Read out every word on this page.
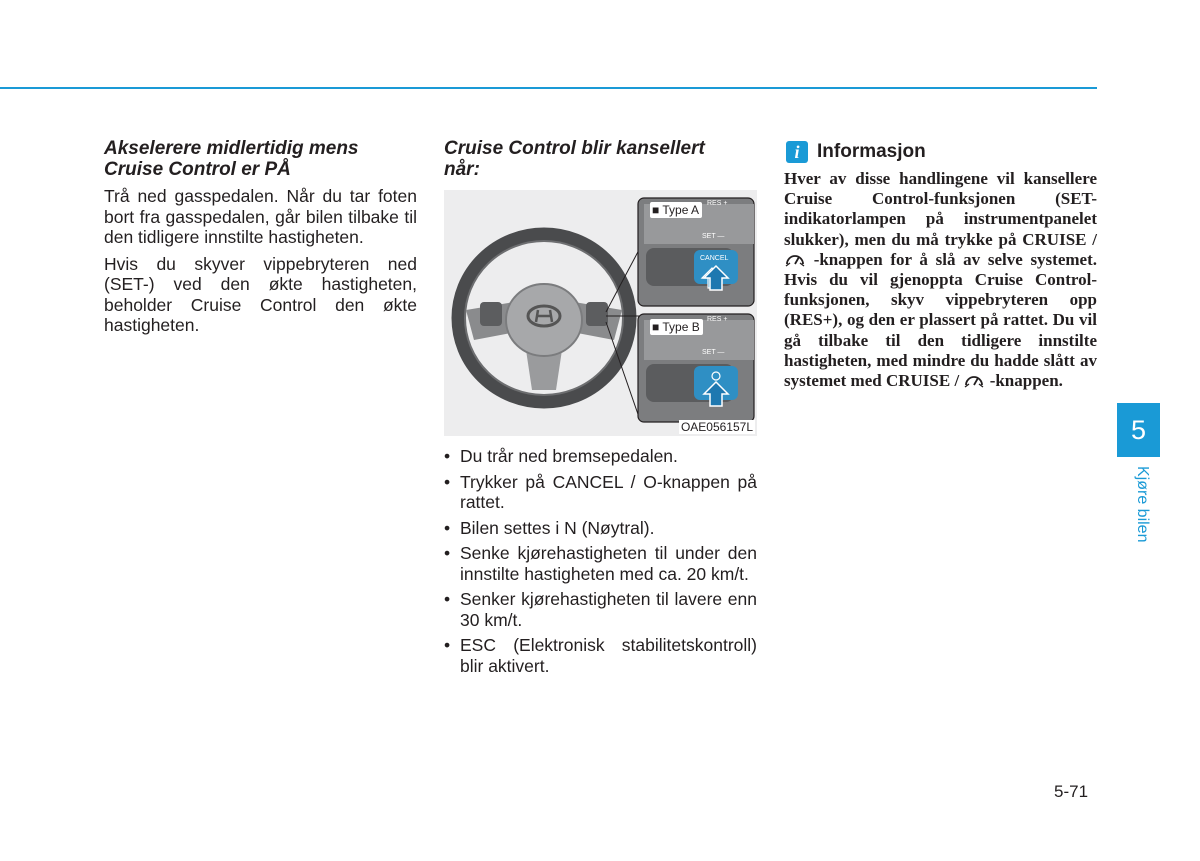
Akselerere midlertidig mens
Cruise Control er PÅ

Trå ned gasspedalen. Når du tar foten bort fra gasspedalen, går bilen tilbake til den tidligere innstilte hastigheten.

Hvis du skyver vippebryteren ned (SET-) ved den økte hastigheten, beholder Cruise Control den økte hastigheten.

Cruise Control blir kansellert
når:
■ Type A
■ Type B
RES +
SET —
CANCEL
RES +
SET —
OAE056157L
• Du trår ned bremsepedalen.
• Trykker på CANCEL / O-knappen på rattet.
• Bilen settes i N (Nøytral).
• Senke kjørehastigheten til under den innstilte hastigheten med ca. 20 km/t.
• Senker kjørehastigheten til lavere enn 30 km/t.
• ESC (Elektronisk stabilitetskontroll) blir aktivert.
i Informasjon

Hver av disse handlingene vil kansellere Cruise Control-funksjonen (SET-indikatorlampen på instrumentpanelet slukker), men du må trykke på CRUISE /  -knappen for å slå av selve systemet. Hvis du vil gjenoppta Cruise Control-funksjonen, skyv vippebryteren opp (RES+), og den er plassert på rattet. Du vil gå tilbake til den tidligere innstilte hastigheten, med mindre du hadde slått av systemet med CRUISE / -knappen.

5
Kjøre bilen
5-71
